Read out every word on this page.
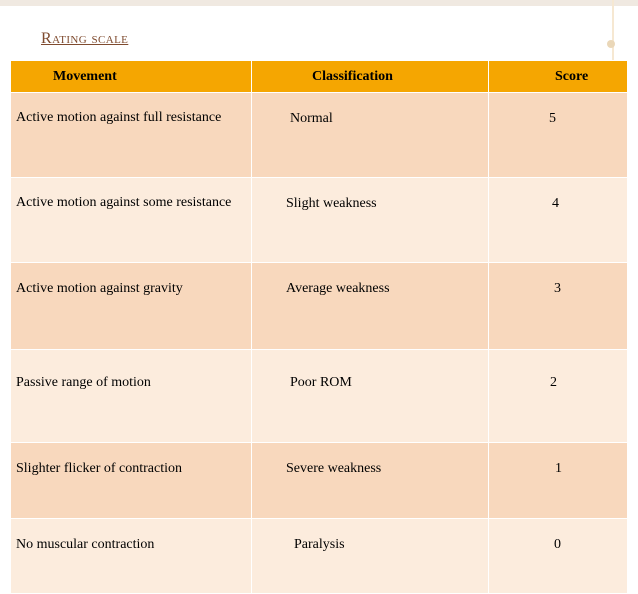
Rating scale
Movement	Classification	Score
Active motion against full resistance	Normal	5
Active motion against some resistance	Slight weakness	4
Active motion against gravity	Average weakness	3
Passive range of motion	Poor ROM	2
Slighter flicker of contraction	Severe weakness	1
No muscular contraction	Paralysis	0
